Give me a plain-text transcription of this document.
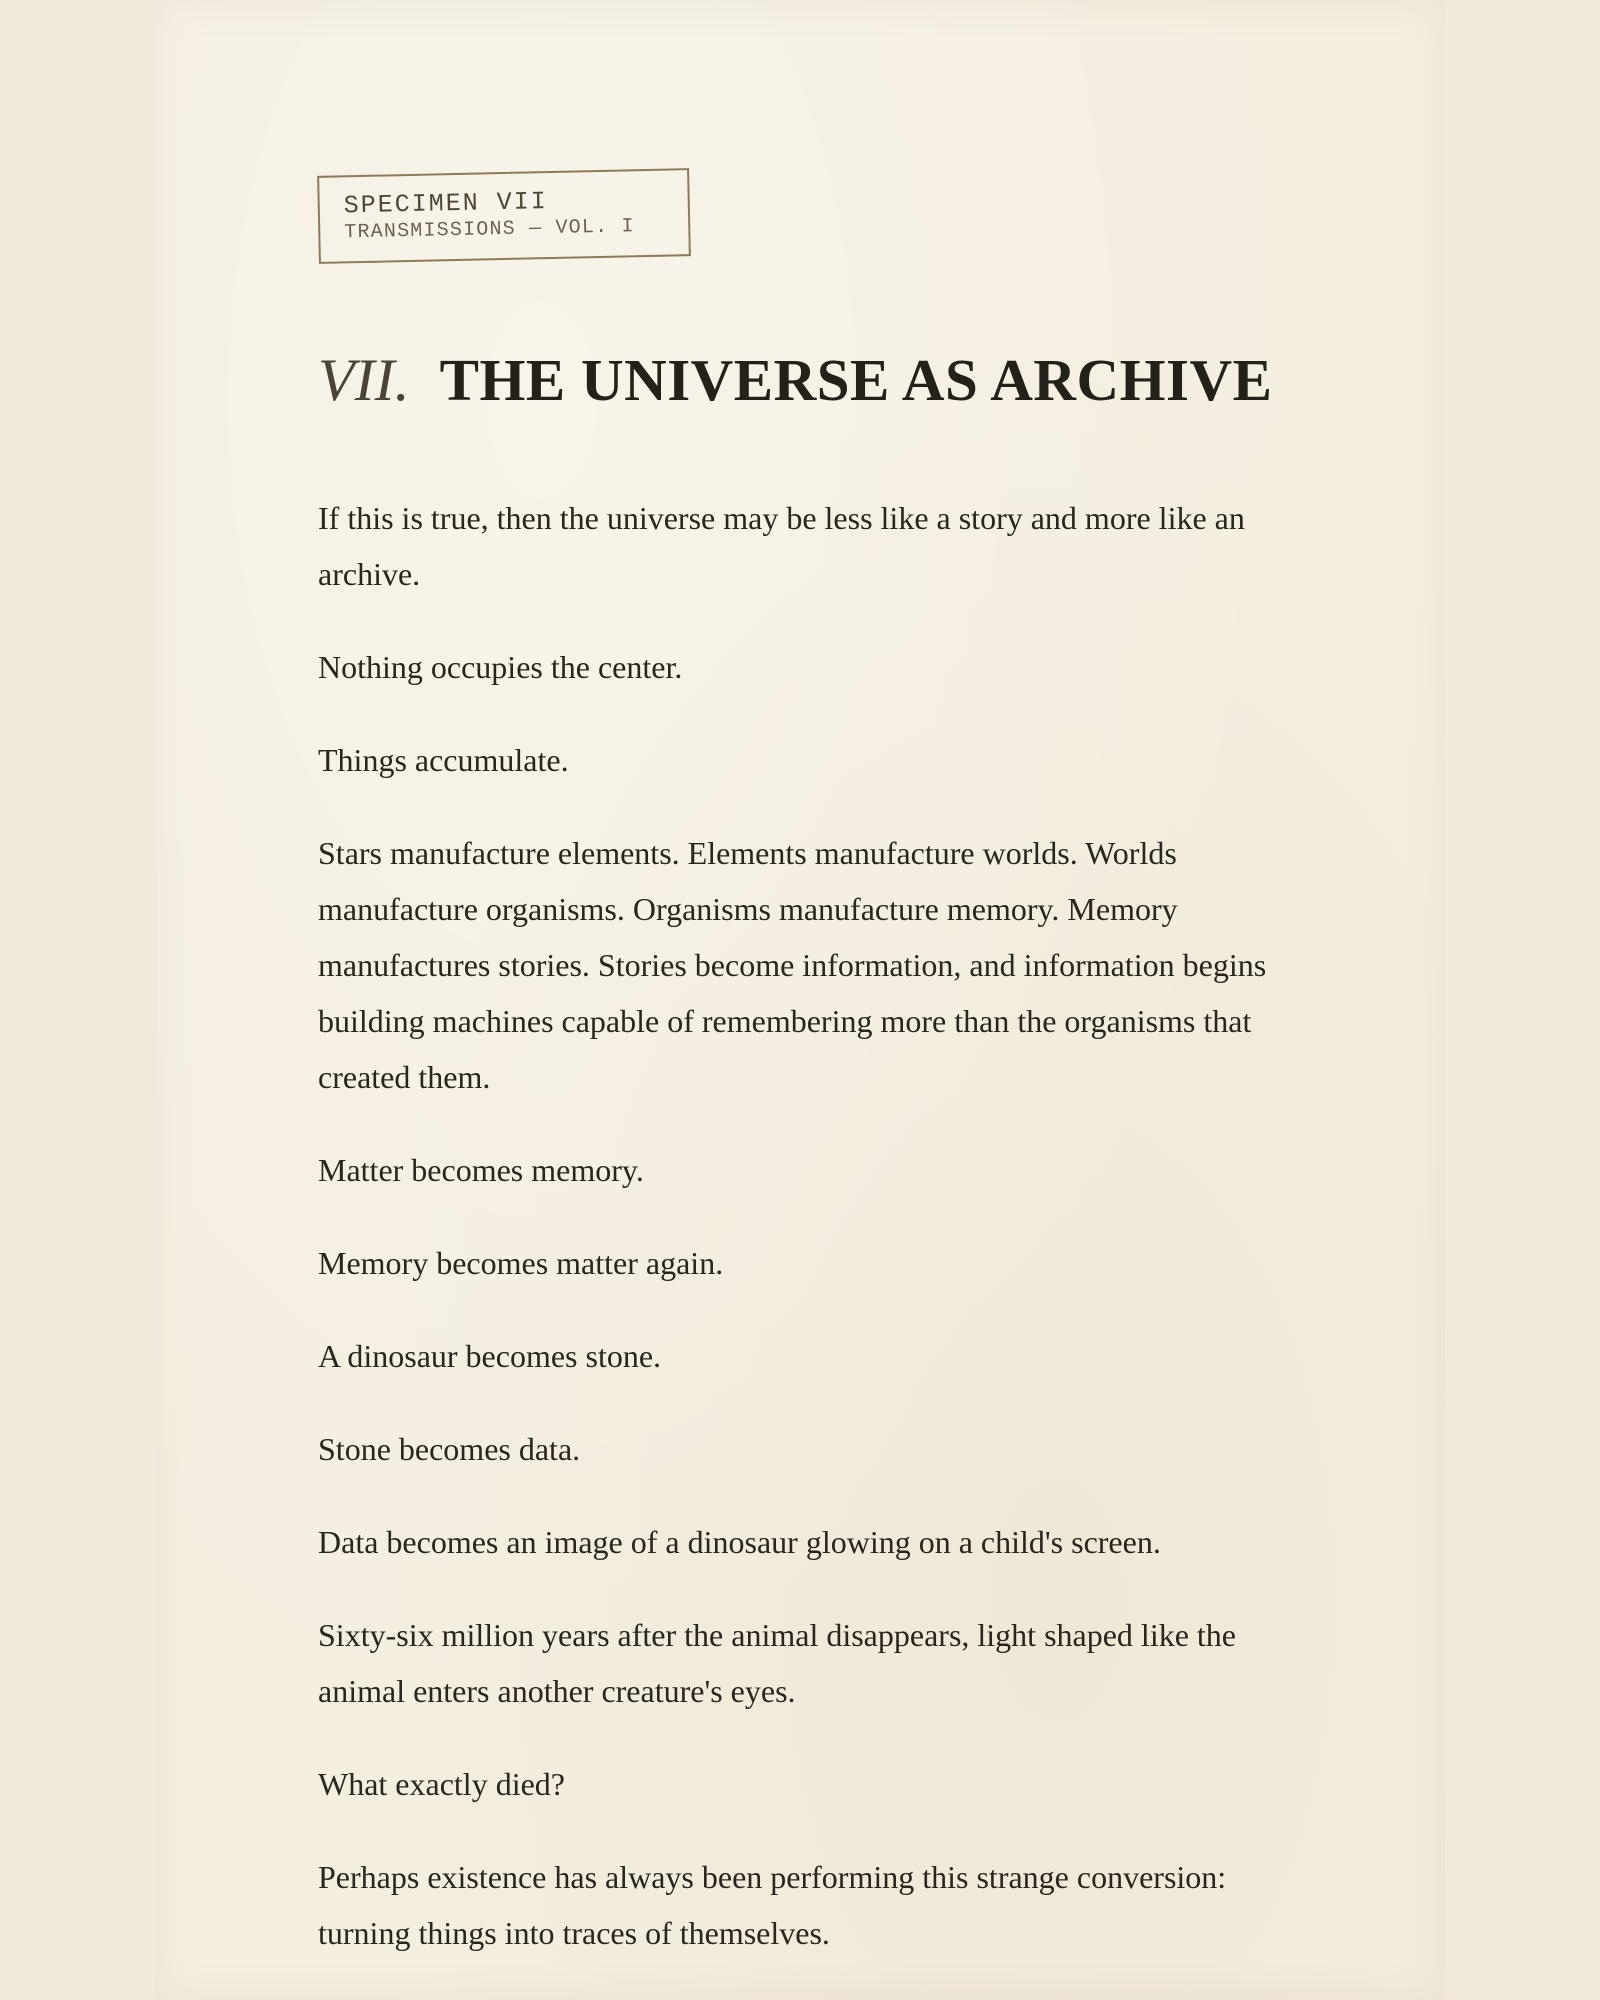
SPECIMEN VII
TRANSMISSIONS — VOL. I
VII. THE UNIVERSE AS ARCHIVE

If this is true, then the universe may be less like a story and more like an archive.

Nothing occupies the center.

Things accumulate.

Stars manufacture elements. Elements manufacture worlds. Worlds manufacture organisms. Organisms manufacture memory. Memory manufactures stories. Stories become information, and information begins building machines capable of remembering more than the organisms that created them.

Matter becomes memory.

Memory becomes matter again.

A dinosaur becomes stone.

Stone becomes data.

Data becomes an image of a dinosaur glowing on a child's screen.

Sixty-six million years after the animal disappears, light shaped like the animal enters another creature's eyes.

What exactly died?

Perhaps existence has always been performing this strange conversion: turning things into traces of themselves.
